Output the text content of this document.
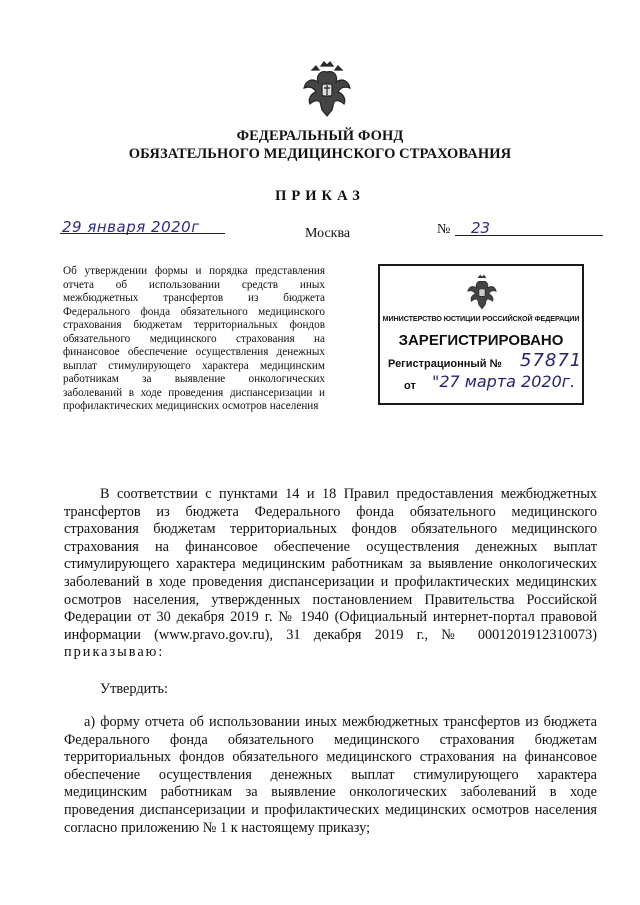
ФЕДЕРАЛЬНЫЙ ФОНД
ОБЯЗАТЕЛЬНОГО МЕДИЦИНСКОГО СТРАХОВАНИЯ
ПРИКАЗ
29 января 2020г	Москва	№ 23
Об утверждении формы и порядка представления отчета об использовании средств иных межбюджетных трансфертов из бюджета Федерального фонда обязательного медицинского страхования бюджетам территориальных фондов обязательного медицинского страхования на финансовое обеспечение осуществления денежных выплат стимулирующего характера медицинским работникам за выявление онкологических заболеваний в ходе проведения диспансеризации и профилактических медицинских осмотров населения
МИНИСТЕРСТВО ЮСТИЦИИ РОССИЙСКОЙ ФЕДЕРАЦИИ
ЗАРЕГИСТРИРОВАНО
Регистрационный № 57871
от "27 марта 2020г.
В соответствии с пунктами 14 и 18 Правил предоставления межбюджетных трансфертов из бюджета Федерального фонда обязательного медицинского страхования бюджетам территориальных фондов обязательного медицинского страхования на финансовое обеспечение осуществления денежных выплат стимулирующего характера медицинским работникам за выявление онкологических заболеваний в ходе проведения диспансеризации и профилактических медицинских осмотров населения, утвержденных постановлением Правительства Российской Федерации от 30 декабря 2019 г. № 1940 (Официальный интернет-портал правовой информации (www.pravo.gov.ru), 31 декабря 2019 г., № 0001201912310073) приказываю:
Утвердить:
а) форму отчета об использовании иных межбюджетных трансфертов из бюджета Федерального фонда обязательного медицинского страхования бюджетам территориальных фондов обязательного медицинского страхования на финансовое обеспечение осуществления денежных выплат стимулирующего характера медицинским работникам за выявление онкологических заболеваний в ходе проведения диспансеризации и профилактических медицинских осмотров населения согласно приложению № 1 к настоящему приказу;
